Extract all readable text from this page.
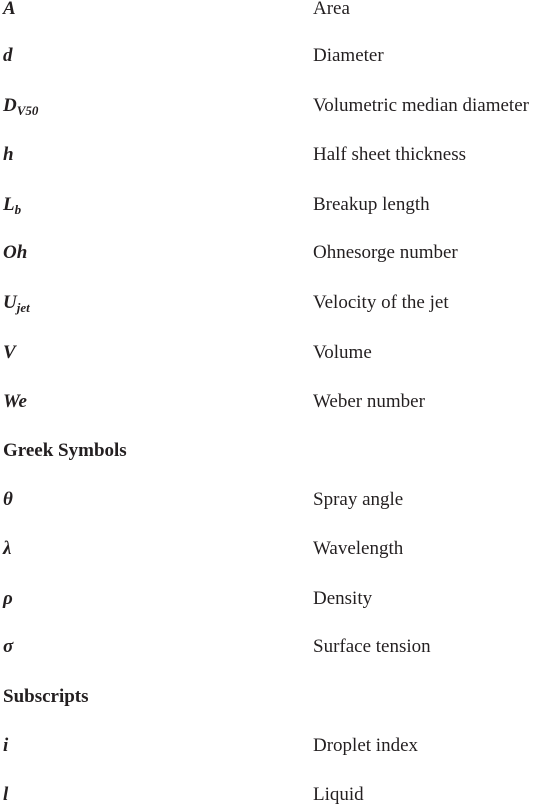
A	Area
d	Diameter
$D_{V50}$	Volumetric median diameter
h	Half sheet thickness
$L_b$	Breakup length
Oh	Ohnesorge number
$U_{jet}$	Velocity of the jet
V	Volume
We	Weber number
Greek Symbols
θ	Spray angle
λ	Wavelength
ρ	Density
σ	Surface tension
Subscripts
i	Droplet index
l	Liquid
